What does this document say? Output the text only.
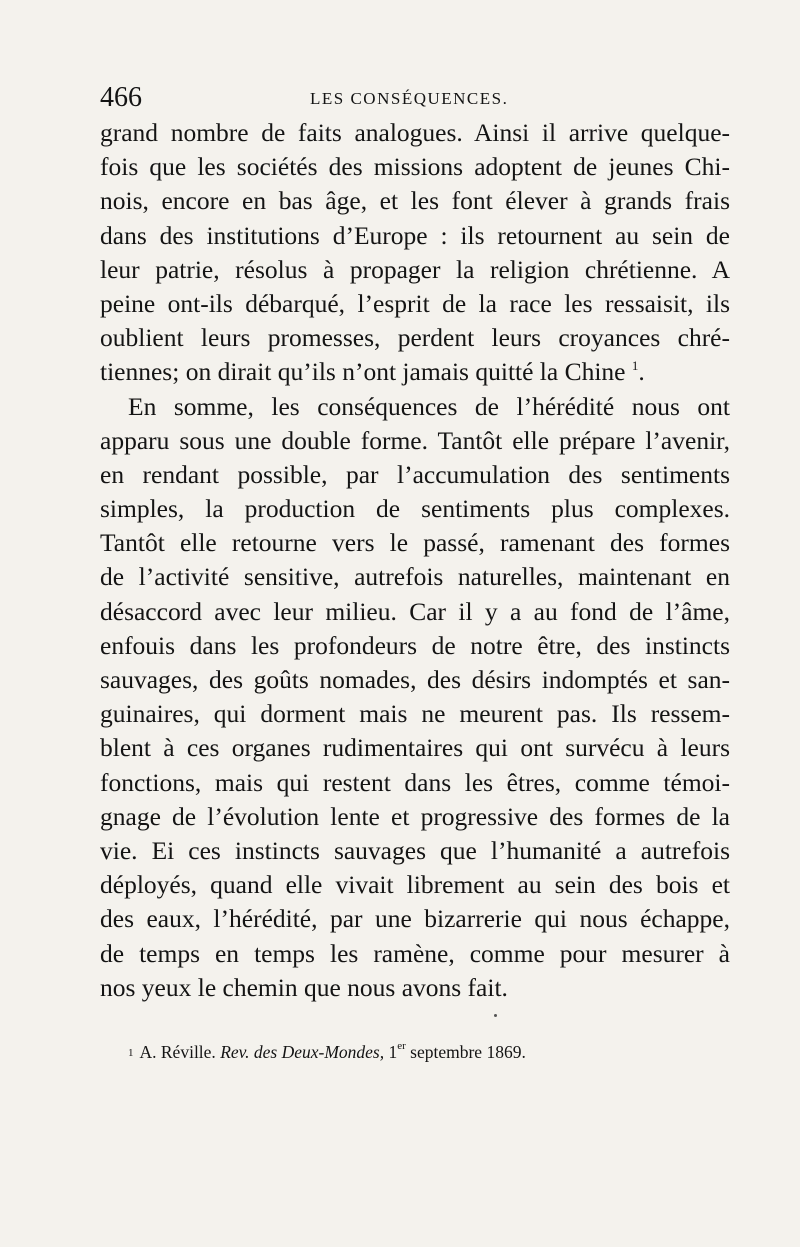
466	LES CONSÉQUENCES.
grand nombre de faits analogues. Ainsi il arrive quelque-
fois que les sociétés des missions adoptent de jeunes Chi-
nois, encore en bas âge, et les font élever à grands frais
dans des institutions d’Europe : ils retournent au sein de
leur patrie, résolus à propager la religion chrétienne. A
peine ont-ils débarqué, l’esprit de la race les ressaisit, ils
oublient leurs promesses, perdent leurs croyances chré-
tiennes; on dirait qu’ils n’ont jamais quitté la Chine $^1$.
En somme, les conséquences de l’hérédité nous ont
apparu sous une double forme. Tantôt elle prépare l’avenir,
en rendant possible, par l’accumulation des sentiments
simples, la production de sentiments plus complexes.
Tantôt elle retourne vers le passé, ramenant des formes
de l’activité sensitive, autrefois naturelles, maintenant en
désaccord avec leur milieu. Car il y a au fond de l’âme,
enfouis dans les profondeurs de notre être, des instincts
sauvages, des goûts nomades, des désirs indomptés et san-
guinaires, qui dorment mais ne meurent pas. Ils ressem-
blent à ces organes rudimentaires qui ont survécu à leurs
fonctions, mais qui restent dans les êtres, comme témoi-
gnage de l’évolution lente et progressive des formes de la
vie. Ei ces instincts sauvages que l’humanité a autrefois
déployés, quand elle vivait librement au sein des bois et
des eaux, l’hérédité, par une bizarrerie qui nous échappe,
de temps en temps les ramène, comme pour mesurer à
nos yeux le chemin que nous avons fait.
$^1$ A. Réville. Rev. des Deux-Mondes, 1er septembre 1869.
